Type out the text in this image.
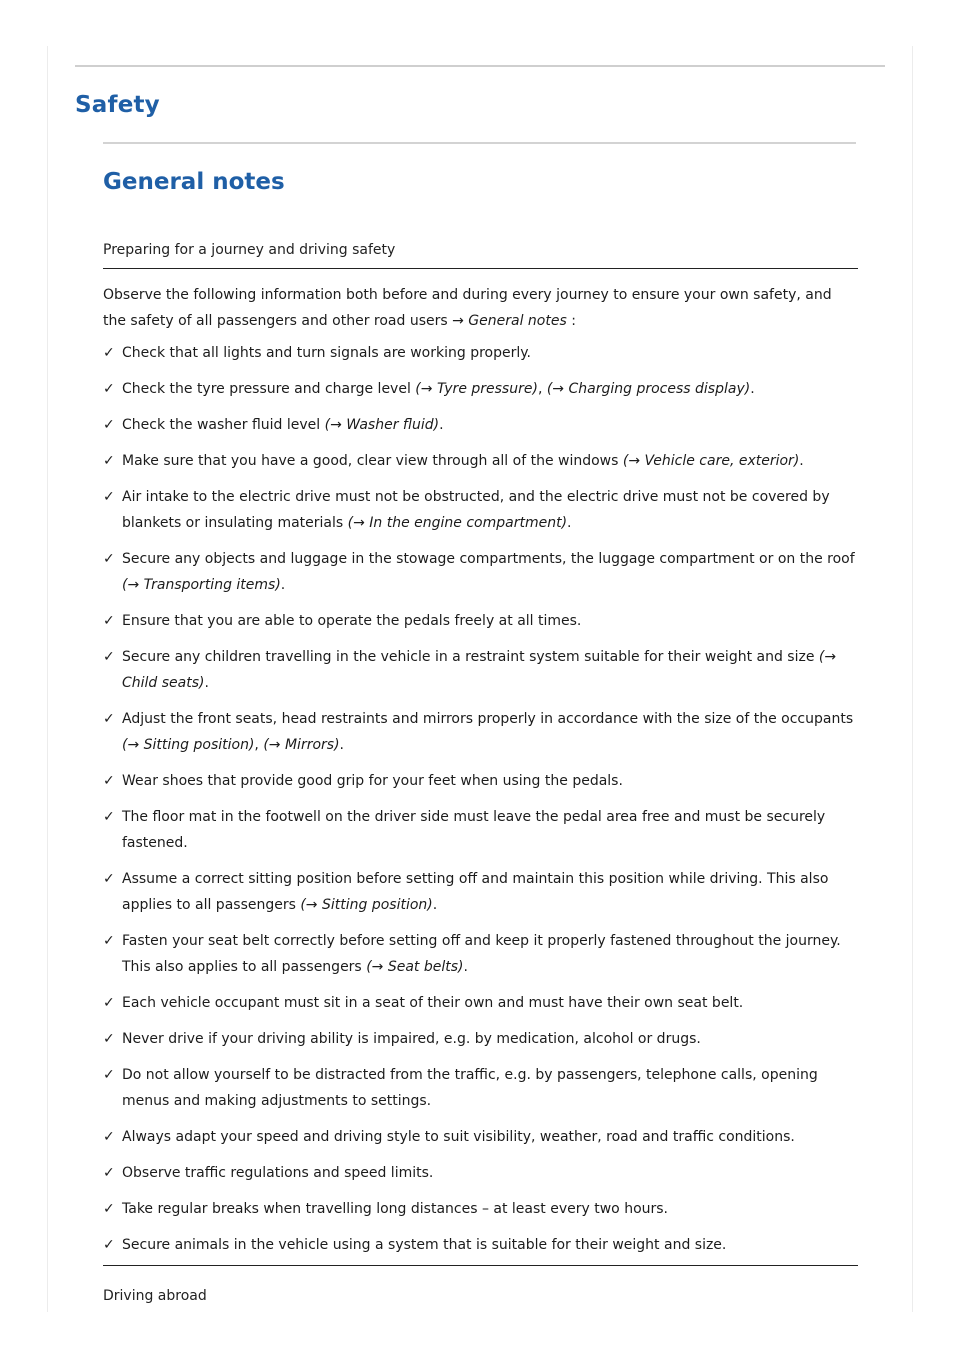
Safety
General notes
Preparing for a journey and driving safety

Observe the following information both before and during every journey to ensure your own safety, and the safety of all passengers and other road users → General notes :

✓ Check that all lights and turn signals are working properly.
✓ Check the tyre pressure and charge level (→ Tyre pressure), (→ Charging process display).
✓ Check the washer fluid level (→ Washer fluid).
✓ Make sure that you have a good, clear view through all of the windows (→ Vehicle care, exterior).
✓ Air intake to the electric drive must not be obstructed, and the electric drive must not be covered by blankets or insulating materials (→ In the engine compartment).
✓ Secure any objects and luggage in the stowage compartments, the luggage compartment or on the roof (→ Transporting items).
✓ Ensure that you are able to operate the pedals freely at all times.
✓ Secure any children travelling in the vehicle in a restraint system suitable for their weight and size (→ Child seats).
✓ Adjust the front seats, head restraints and mirrors properly in accordance with the size of the occupants (→ Sitting position), (→ Mirrors).
✓ Wear shoes that provide good grip for your feet when using the pedals.
✓ The floor mat in the footwell on the driver side must leave the pedal area free and must be securely fastened.
✓ Assume a correct sitting position before setting off and maintain this position while driving. This also applies to all passengers (→ Sitting position).
✓ Fasten your seat belt correctly before setting off and keep it properly fastened throughout the journey. This also applies to all passengers (→ Seat belts).
✓ Each vehicle occupant must sit in a seat of their own and must have their own seat belt.
✓ Never drive if your driving ability is impaired, e.g. by medication, alcohol or drugs.
✓ Do not allow yourself to be distracted from the traffic, e.g. by passengers, telephone calls, opening menus and making adjustments to settings.
✓ Always adapt your speed and driving style to suit visibility, weather, road and traffic conditions.
✓ Observe traffic regulations and speed limits.
✓ Take regular breaks when travelling long distances – at least every two hours.
✓ Secure animals in the vehicle using a system that is suitable for their weight and size.
Driving abroad
